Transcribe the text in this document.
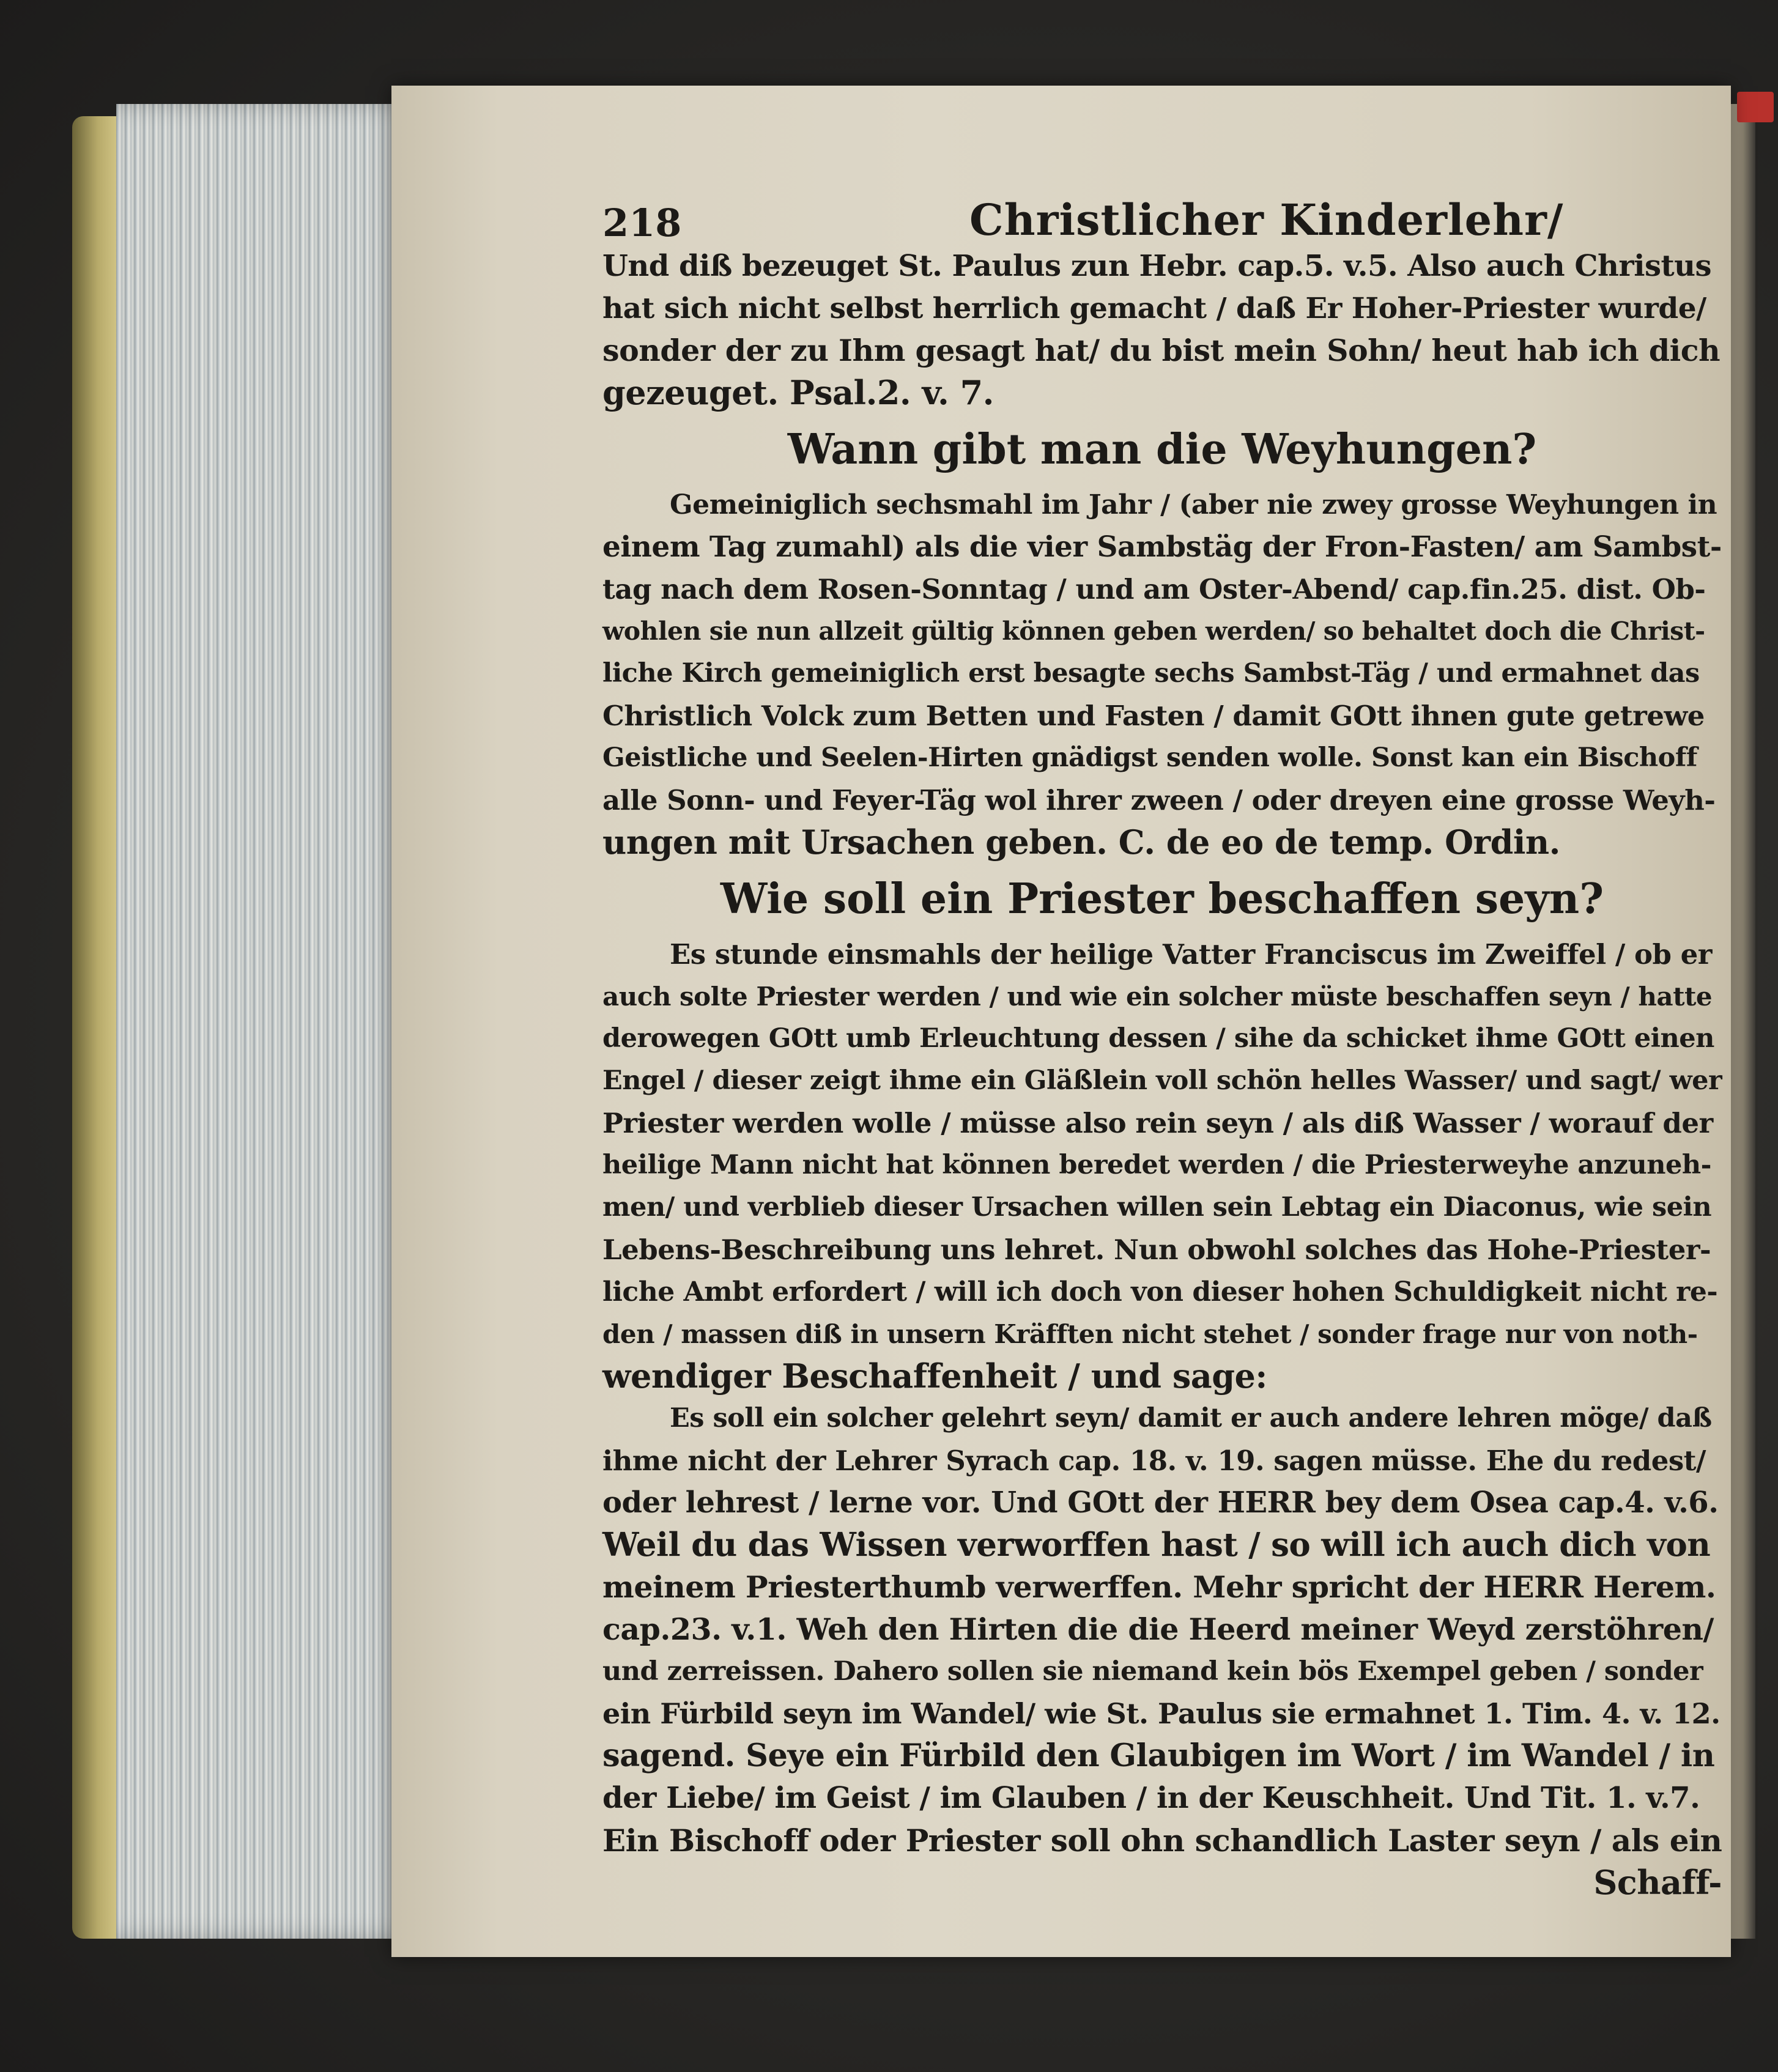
218	Christlicher Kinderlehr/
Und diß bezeuget St. Paulus zun Hebr. cap.5. v.5. Also auch Christus
hat sich nicht selbst herrlich gemacht / daß Er Hoher-Priester wurde/
sonder der zu Ihm gesagt hat/ du bist mein Sohn/ heut hab ich dich
gezeuget. Psal.2. v. 7.
Wann gibt man die Weyhungen?
Gemeiniglich sechsmahl im Jahr / (aber nie zwey grosse Weyhungen in
einem Tag zumahl) als die vier Sambstäg der Fron-Fasten/ am Sambst-
tag nach dem Rosen-Sonntag / und am Oster-Abend/ cap.fin.25. dist. Ob-
wohlen sie nun allzeit gültig können geben werden/ so behaltet doch die Christ-
liche Kirch gemeiniglich erst besagte sechs Sambst-Täg / und ermahnet das
Christlich Volck zum Betten und Fasten / damit GOtt ihnen gute getrewe
Geistliche und Seelen-Hirten gnädigst senden wolle. Sonst kan ein Bischoff
alle Sonn- und Feyer-Täg wol ihrer zween / oder dreyen eine grosse Weyh-
ungen mit Ursachen geben. C. de eo de temp. Ordin.
Wie soll ein Priester beschaffen seyn?
Es stunde einsmahls der heilige Vatter Franciscus im Zweiffel / ob er
auch solte Priester werden / und wie ein solcher müste beschaffen seyn / hatte
derowegen GOtt umb Erleuchtung dessen / sihe da schicket ihme GOtt einen
Engel / dieser zeigt ihme ein Gläßlein voll schön helles Wasser/ und sagt/ wer
Priester werden wolle / müsse also rein seyn / als diß Wasser / worauf der
heilige Mann nicht hat können beredet werden / die Priesterweyhe anzuneh-
men/ und verblieb dieser Ursachen willen sein Lebtag ein Diaconus, wie sein
Lebens-Beschreibung uns lehret. Nun obwohl solches das Hohe-Priester-
liche Ambt erfordert / will ich doch von dieser hohen Schuldigkeit nicht re-
den / massen diß in unsern Kräfften nicht stehet / sonder frage nur von noth-
wendiger Beschaffenheit / und sage:
Es soll ein solcher gelehrt seyn/ damit er auch andere lehren möge/ daß
ihme nicht der Lehrer Syrach cap. 18. v. 19. sagen müsse. Ehe du redest/
oder lehrest / lerne vor. Und GOtt der HERR bey dem Osea cap.4. v.6.
Weil du das Wissen verworffen hast / so will ich auch dich von
meinem Priesterthumb verwerffen. Mehr spricht der HERR Herem.
cap.23. v.1. Weh den Hirten die die Heerd meiner Weyd zerstöhren/
und zerreissen. Dahero sollen sie niemand kein bös Exempel geben / sonder
ein Fürbild seyn im Wandel/ wie St. Paulus sie ermahnet 1. Tim. 4. v. 12.
sagend. Seye ein Fürbild den Glaubigen im Wort / im Wandel / in
der Liebe/ im Geist / im Glauben / in der Keuschheit. Und Tit. 1. v.7.
Ein Bischoff oder Priester soll ohn schandlich Laster seyn / als ein
Schaff-
